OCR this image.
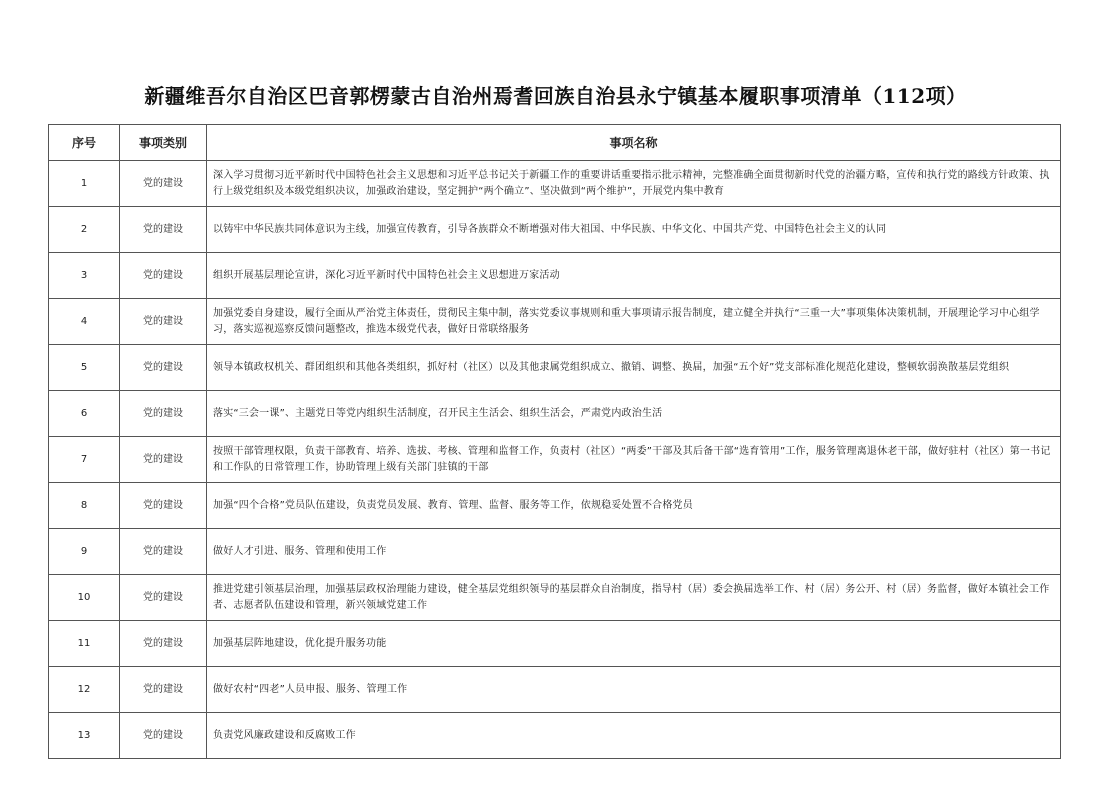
新疆维吾尔自治区巴音郭楞蒙古自治州焉耆回族自治县永宁镇基本履职事项清单（112项）
序号	事项类别	事项名称
1	党的建设	深入学习贯彻习近平新时代中国特色社会主义思想和习近平总书记关于新疆工作的重要讲话重要指示批示精神，完整准确全面贯彻新时代党的治疆方略，宣传和执行党的路线方针政策、执行上级党组织及本级党组织决议，加强政治建设，坚定拥护“两个确立”、坚决做到“两个维护”，开展党内集中教育
2	党的建设	以铸牢中华民族共同体意识为主线，加强宣传教育，引导各族群众不断增强对伟大祖国、中华民族、中华文化、中国共产党、中国特色社会主义的认同
3	党的建设	组织开展基层理论宣讲，深化习近平新时代中国特色社会主义思想进万家活动
4	党的建设	加强党委自身建设，履行全面从严治党主体责任，贯彻民主集中制，落实党委议事规则和重大事项请示报告制度，建立健全并执行“三重一大”事项集体决策机制，开展理论学习中心组学习，落实巡视巡察反馈问题整改，推选本级党代表，做好日常联络服务
5	党的建设	领导本镇政权机关、群团组织和其他各类组织，抓好村（社区）以及其他隶属党组织成立、撤销、调整、换届，加强“五个好”党支部标准化规范化建设，整顿软弱涣散基层党组织
6	党的建设	落实“三会一课”、主题党日等党内组织生活制度，召开民主生活会、组织生活会，严肃党内政治生活
7	党的建设	按照干部管理权限，负责干部教育、培养、选拔、考核、管理和监督工作，负责村（社区）“两委”干部及其后备干部“选育管用”工作，服务管理离退休老干部，做好驻村（社区）第一书记和工作队的日常管理工作，协助管理上级有关部门驻镇的干部
8	党的建设	加强“四个合格”党员队伍建设，负责党员发展、教育、管理、监督、服务等工作，依规稳妥处置不合格党员
9	党的建设	做好人才引进、服务、管理和使用工作
10	党的建设	推进党建引领基层治理，加强基层政权治理能力建设，健全基层党组织领导的基层群众自治制度，指导村（居）委会换届选举工作、村（居）务公开、村（居）务监督，做好本镇社会工作者、志愿者队伍建设和管理，新兴领域党建工作
11	党的建设	加强基层阵地建设，优化提升服务功能
12	党的建设	做好农村“四老”人员申报、服务、管理工作
13	党的建设	负责党风廉政建设和反腐败工作
